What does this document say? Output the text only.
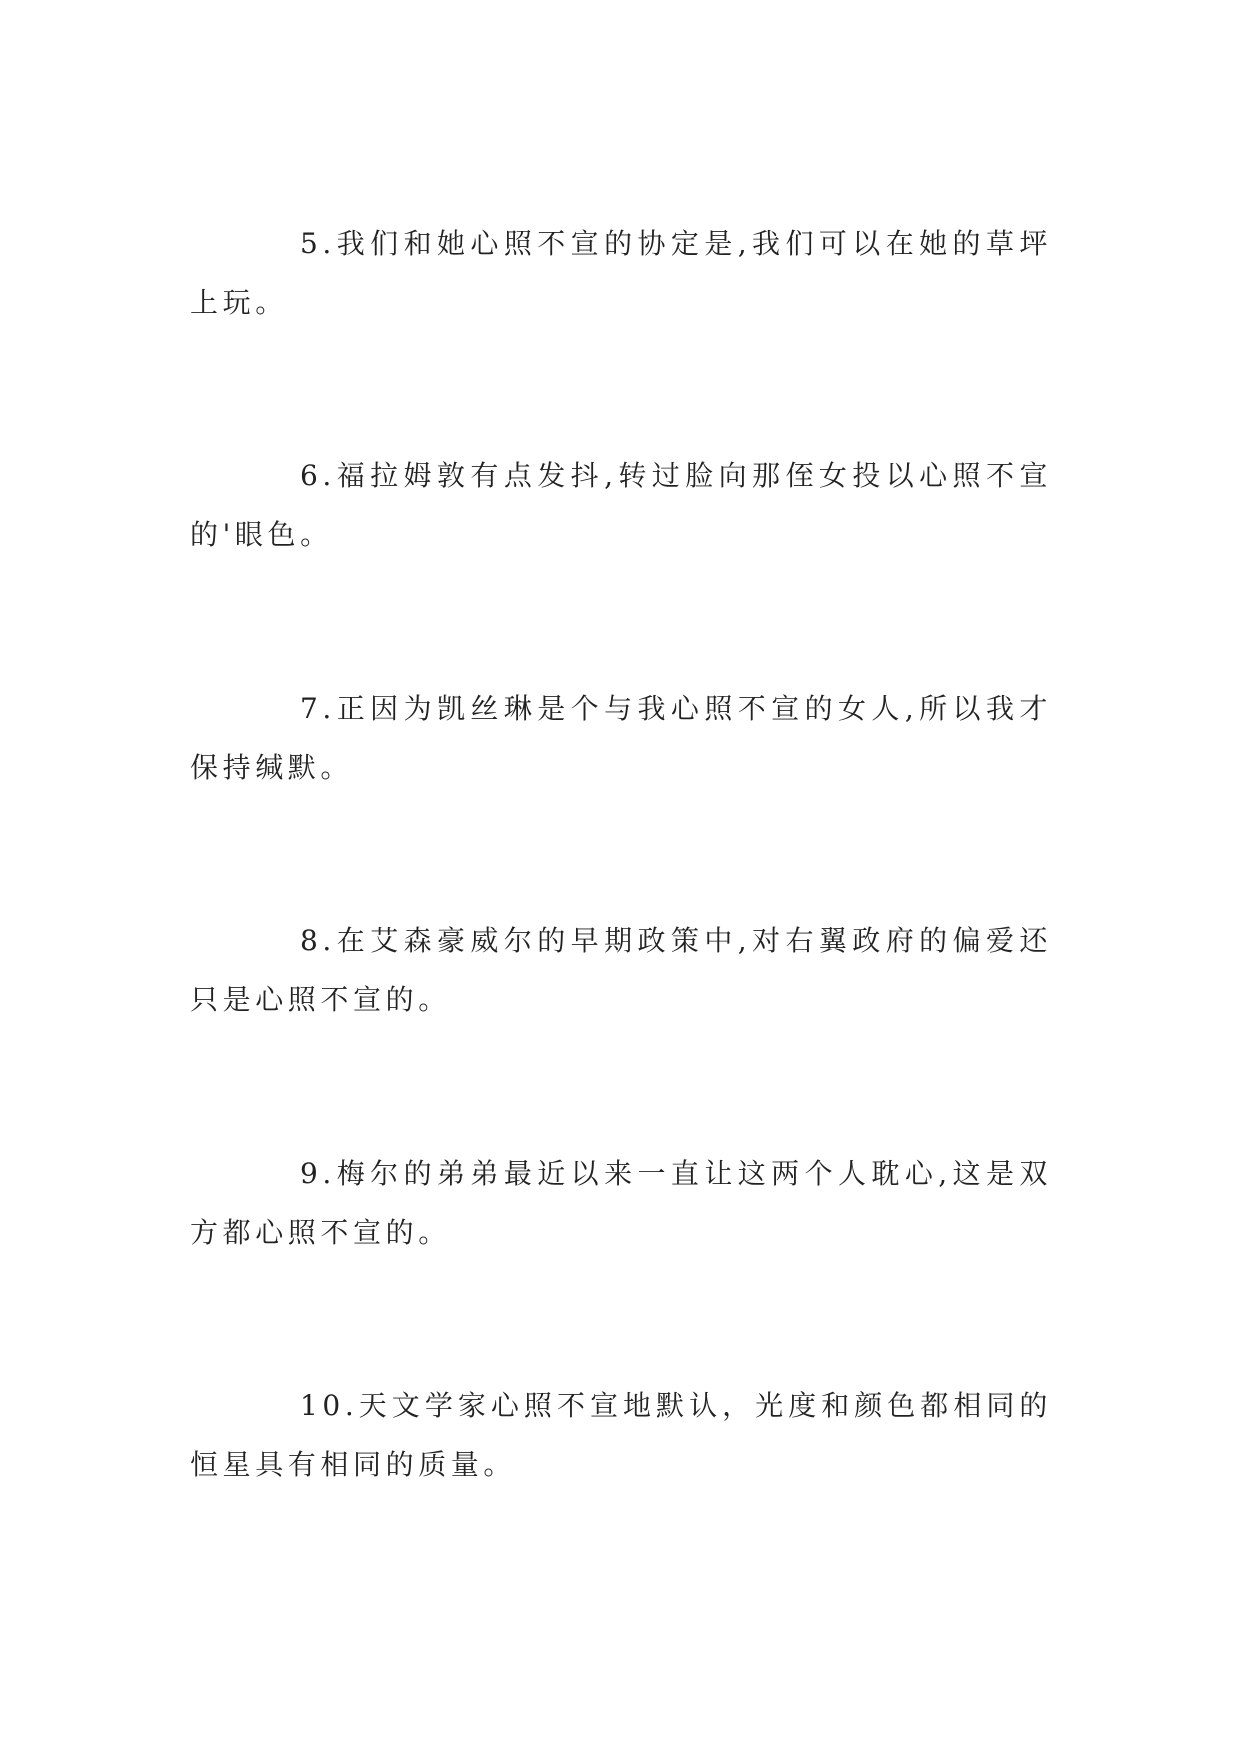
5.我们和她心照不宣的协定是,我们可以在她的草坪上玩。

6.福拉姆敦有点发抖,转过脸向那侄女投以心照不宣的'眼色。

7.正因为凯丝琳是个与我心照不宣的女人,所以我才保持缄默。

8.在艾森豪威尔的早期政策中,对右翼政府的偏爱还只是心照不宣的。

9.梅尔的弟弟最近以来一直让这两个人耽心,这是双方都心照不宣的。

10.天文学家心照不宣地默认，光度和颜色都相同的恒星具有相同的质量。
